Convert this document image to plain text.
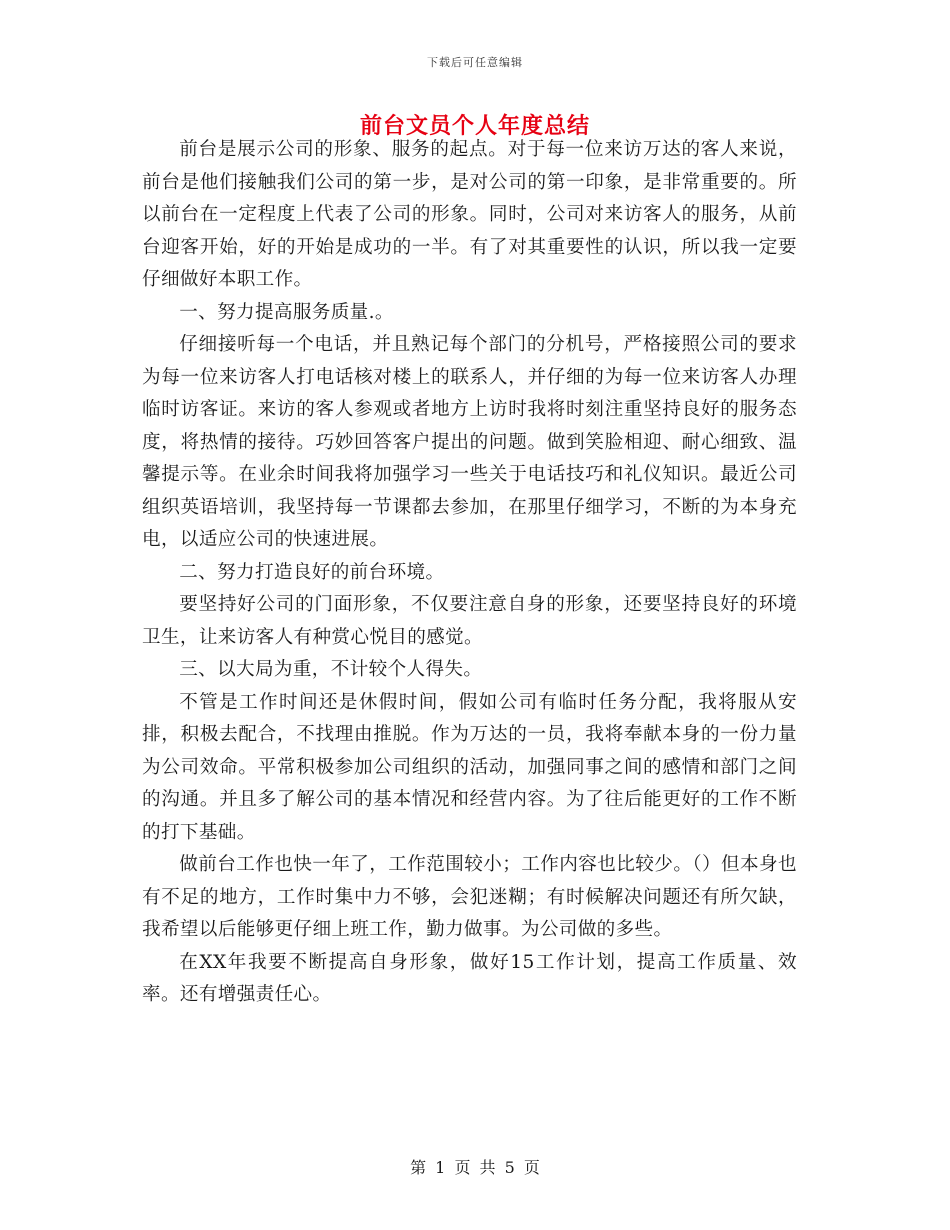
下载后可任意编辑
前台文员个人年度总结

前台是展示公司的形象、服务的起点。对于每一位来访万达的客人来说，前台是他们接触我们公司的第一步，是对公司的第一印象，是非常重要的。所以前台在一定程度上代表了公司的形象。同时，公司对来访客人的服务，从前台迎客开始，好的开始是成功的一半。有了对其重要性的认识，所以我一定要仔细做好本职工作。

一、努力提高服务质量.。

仔细接听每一个电话，并且熟记每个部门的分机号，严格接照公司的要求为每一位来访客人打电话核对楼上的联系人，并仔细的为每一位来访客人办理临时访客证。来访的客人参观或者地方上访时我将时刻注重坚持良好的服务态度，将热情的接待。巧妙回答客户提出的问题。做到笑脸相迎、耐心细致、温馨提示等。在业余时间我将加强学习一些关于电话技巧和礼仪知识。最近公司组织英语培训，我坚持每一节课都去参加，在那里仔细学习，不断的为本身充电，以适应公司的快速进展。

二、努力打造良好的前台环境。

要坚持好公司的门面形象，不仅要注意自身的形象，还要坚持良好的环境卫生，让来访客人有种赏心悦目的感觉。

三、以大局为重，不计较个人得失。

不管是工作时间还是休假时间，假如公司有临时任务分配，我将服从安排，积极去配合，不找理由推脱。作为万达的一员，我将奉献本身的一份力量为公司效命。平常积极参加公司组织的活动，加强同事之间的感情和部门之间的沟通。并且多了解公司的基本情况和经营内容。为了往后能更好的工作不断的打下基础。

做前台工作也快一年了，工作范围较小；工作内容也比较少。（）但本身也有不足的地方，工作时集中力不够，会犯迷糊；有时候解决问题还有所欠缺，我希望以后能够更仔细上班工作，勤力做事。为公司做的多些。

在XX年我要不断提高自身形象，做好15工作计划，提高工作质量、效率。还有增强责任心。

第 1 页 共 5 页
